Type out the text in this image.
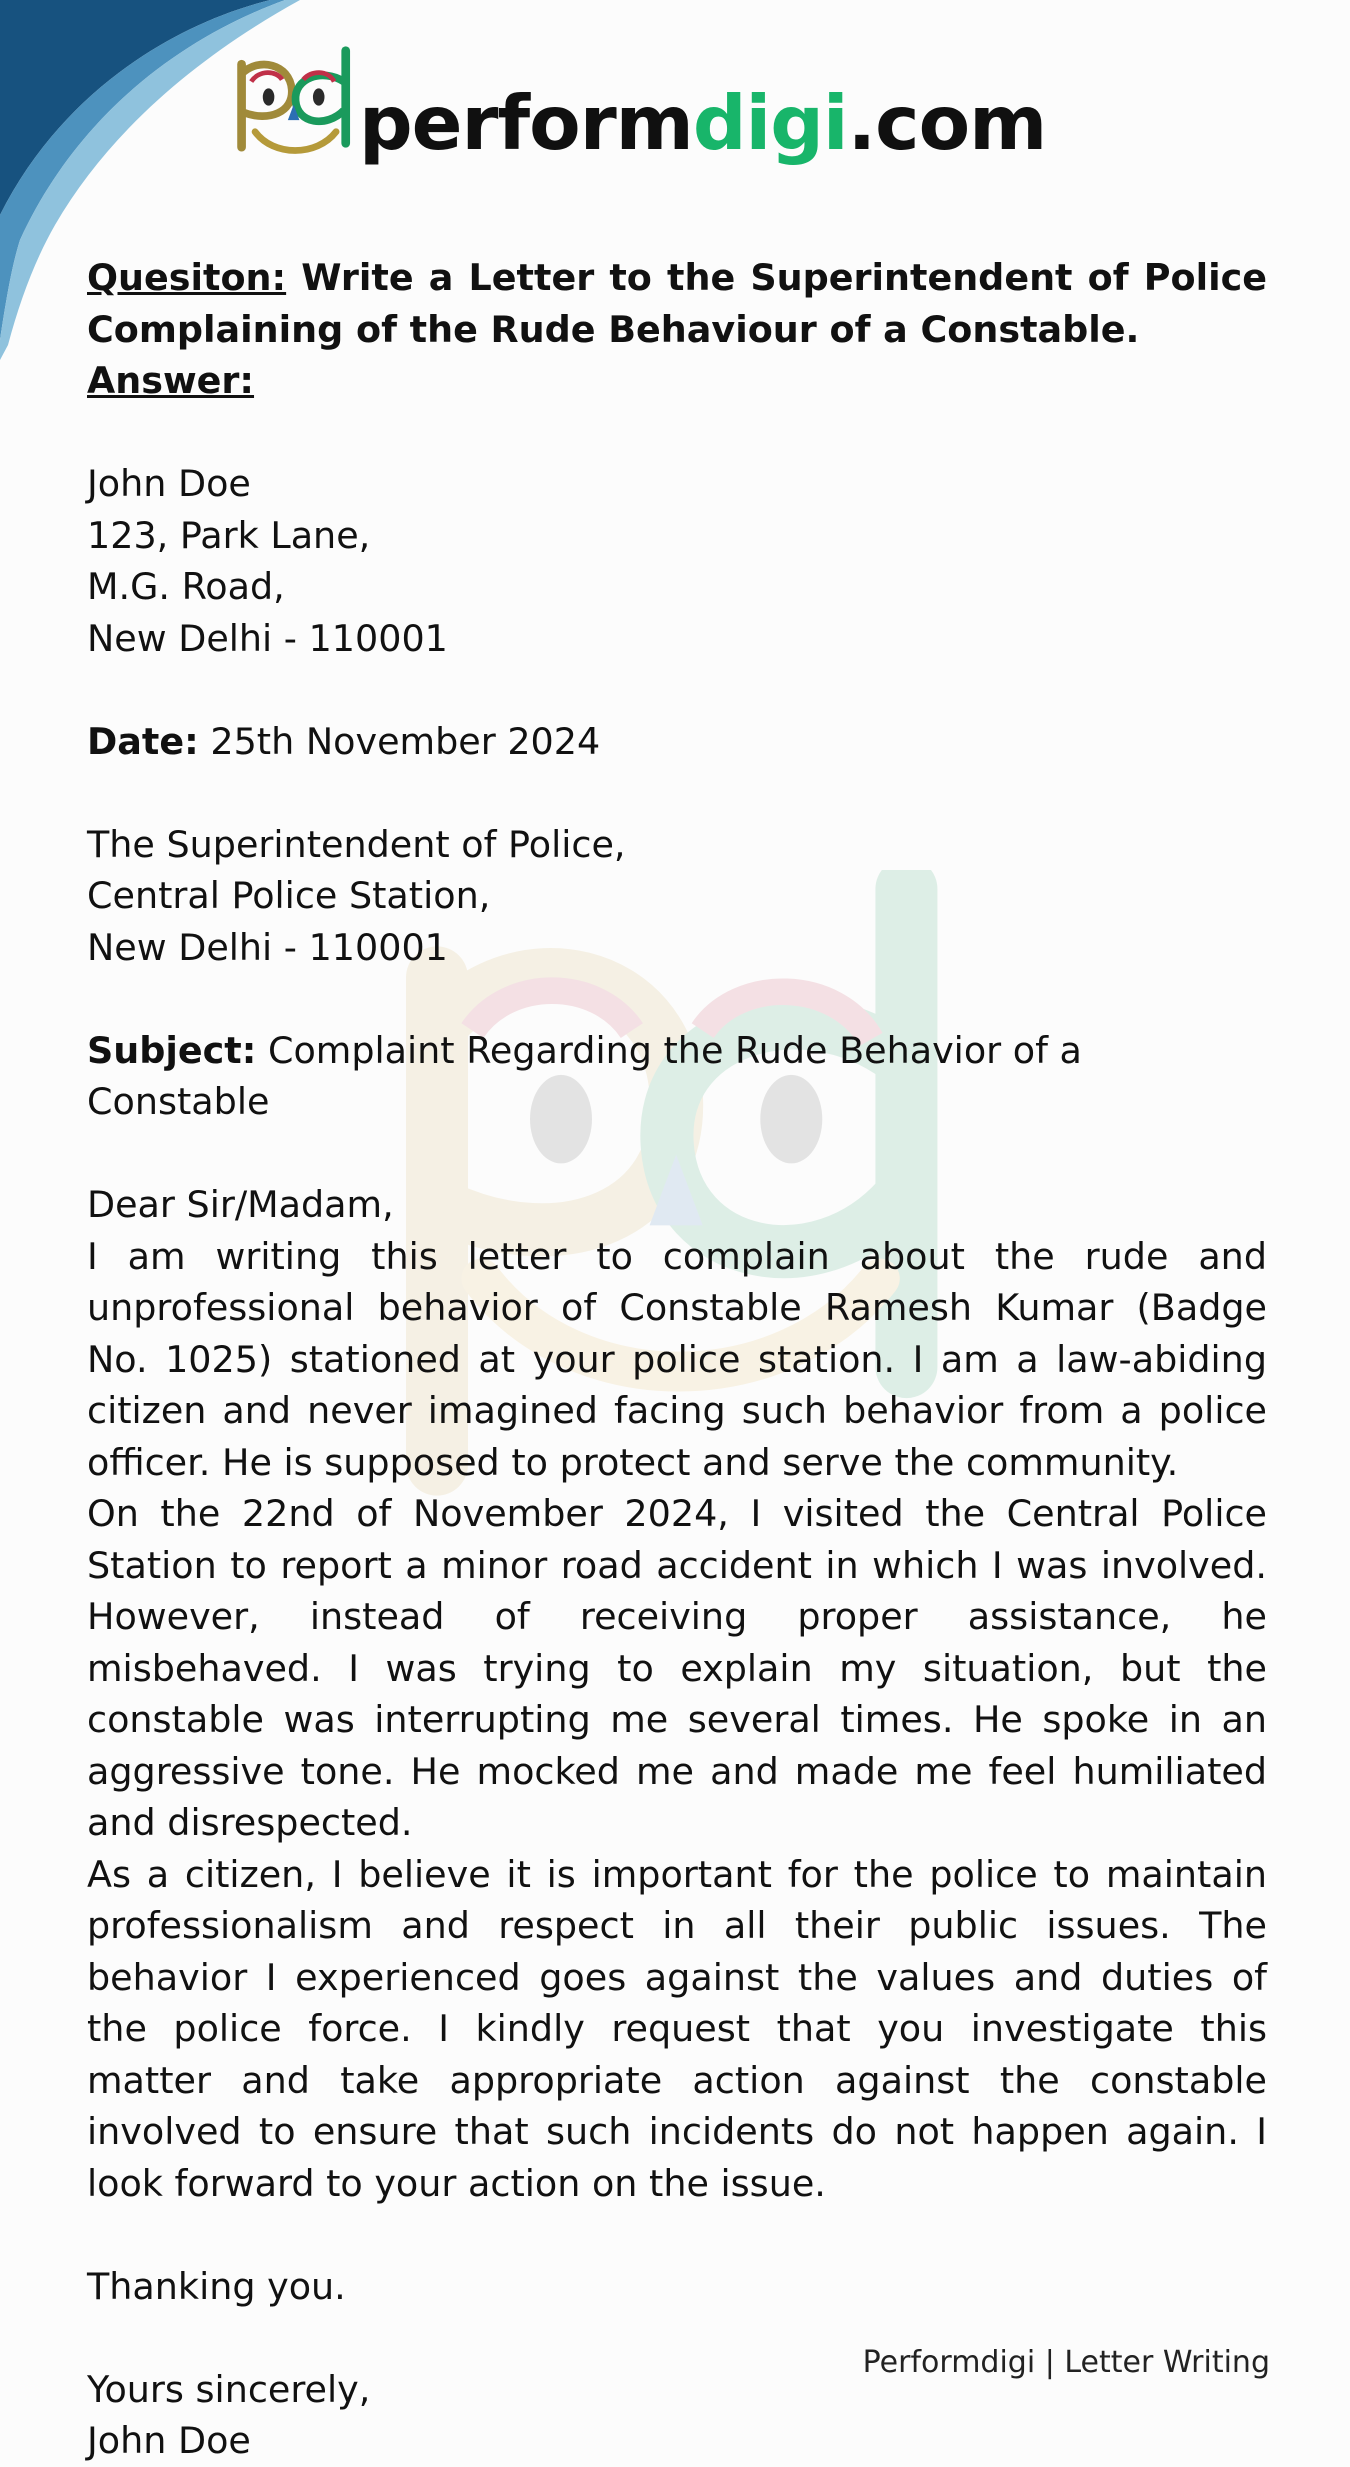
performdigi.com

Quesiton: Write a Letter to the Superintendent of Police Complaining of the Rude Behaviour of a Constable.

Answer:

John Doe

123, Park Lane,

M.G. Road,

New Delhi - 110001

Date: 25th November 2024

The Superintendent of Police,

Central Police Station,

New Delhi - 110001

Subject: Complaint Regarding the Rude Behavior of a Constable

Dear Sir/Madam,

I am writing this letter to complain about the rude and unprofessional behavior of Constable Ramesh Kumar (Badge No. 1025) stationed at your police station. I am a law-abiding citizen and never imagined facing such behavior from a police officer. He is supposed to protect and serve the community.

On the 22nd of November 2024, I visited the Central Police Station to report a minor road accident in which I was involved. However, instead of receiving proper assistance, he misbehaved. I was trying to explain my situation, but the constable was interrupting me several times. He spoke in an aggressive tone. He mocked me and made me feel humiliated and disrespected.

As a citizen, I believe it is important for the police to maintain professionalism and respect in all their public issues. The behavior I experienced goes against the values and duties of the police force. I kindly request that you investigate this matter and take appropriate action against the constable involved to ensure that such incidents do not happen again. I look forward to your action on the issue.

Thanking you.

Yours sincerely,

John Doe

Performdigi | Letter Writing
